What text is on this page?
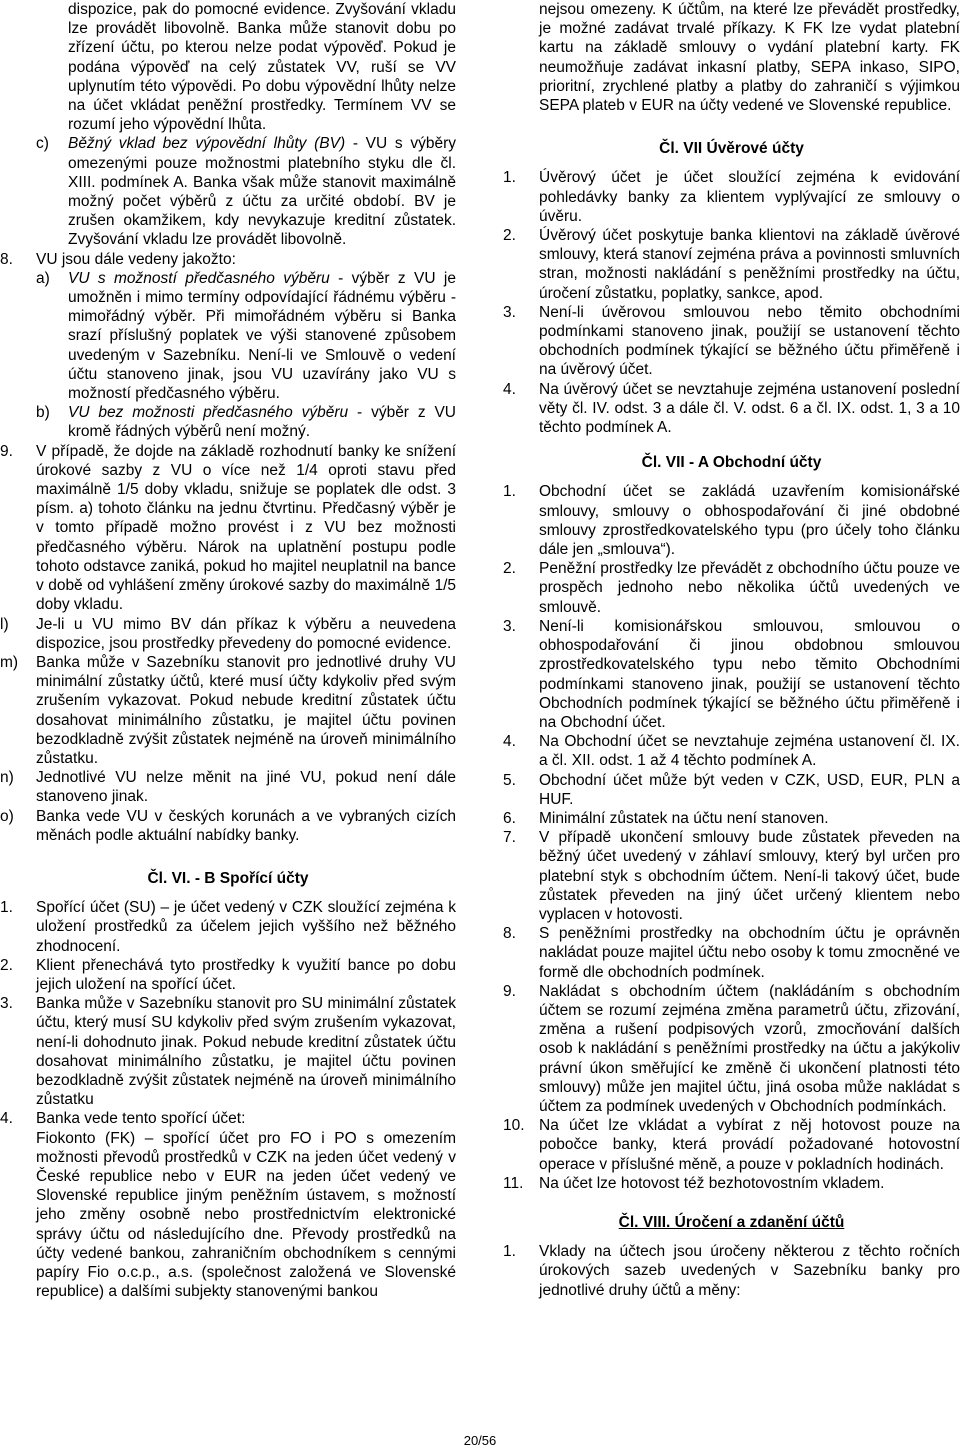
dispozice, pak do pomocné evidence. Zvyšování vkladu lze provádět libovolně. Banka může stanovit dobu po zřízení účtu, po kterou nelze podat výpověď. Pokud je podána výpověď na celý zůstatek VV, ruší se VV uplynutím této výpovědi. Po dobu výpovědní lhůty nelze na účet vkládat peněžní prostředky. Termínem VV se rozumí jeho výpovědní lhůta.

c) Běžný vklad bez výpovědní lhůty (BV) - VU s výběry omezenými pouze možnostmi platebního styku dle čl. XIII. podmínek A. Banka však může stanovit maximálně možný počet výběrů z účtu za určité období. BV je zrušen okamžikem, kdy nevykazuje kreditní zůstatek. Zvyšování vkladu lze provádět libovolně.
8. VU jsou dále vedeny jakožto:
a) VU s možností předčasného výběru - výběr z VU je umožněn i mimo termíny odpovídající řádnému výběru - mimořádný výběr. Při mimořádném výběru si Banka srazí příslušný poplatek ve výši stanovené způsobem uvedeným v Sazebníku. Není-li ve Smlouvě o vedení účtu stanoveno jinak, jsou VU uzavírány jako VU s možností předčasného výběru.
b) VU bez možnosti předčasného výběru - výběr z VU kromě řádných výběrů není možný.
9. V případě, že dojde na základě rozhodnutí banky ke snížení úrokové sazby z VU o více než 1/4 oproti stavu před maximálně 1/5 doby vkladu, snižuje se poplatek dle odst. 3 písm. a) tohoto článku na jednu čtvrtinu. Předčasný výběr je v tomto případě možno provést i z VU bez možnosti předčasného výběru. Nárok na uplatnění postupu podle tohoto odstavce zaniká, pokud ho majitel neuplatnil na bance v době od vyhlášení změny úrokové sazby do maximálně 1/5 doby vkladu.
l) Je-li u VU mimo BV dán příkaz k výběru a neuvedena dispozice, jsou prostředky převedeny do pomocné evidence.
m) Banka může v Sazebníku stanovit pro jednotlivé druhy VU minimální zůstatky účtů, které musí účty kdykoliv před svým zrušením vykazovat. Pokud nebude kreditní zůstatek účtu dosahovat minimálního zůstatku, je majitel účtu povinen bezodkladně zvýšit zůstatek nejméně na úroveň minimálního zůstatku.
n) Jednotlivé VU nelze měnit na jiné VU, pokud není dále stanoveno jinak.
o) Banka vede VU v českých korunách a ve vybraných cizích měnách podle aktuální nabídky banky.

Čl. VI. - B Spořící účty

1. Spořící účet (SU) – je účet vedený v CZK sloužící zejména k uložení prostředků za účelem jejich vyššího než běžného zhodnocení.
2. Klient přenechává tyto prostředky k využití bance po dobu jejich uložení na spořící účet.
3. Banka může v Sazebníku stanovit pro SU minimální zůstatek účtu, který musí SU kdykoliv před svým zrušením vykazovat, není-li dohodnuto jinak. Pokud nebude kreditní zůstatek účtu dosahovat minimálního zůstatku, je majitel účtu povinen bezodkladně zvýšit zůstatek nejméně na úroveň minimálního zůstatku
4. Banka vede tento spořící účet:

Fiokonto (FK) – spořící účet pro FO i PO s omezením možnosti převodů prostředků v CZK na jeden účet vedený v České republice nebo v EUR na jeden účet vedený ve Slovenské republice jiným peněžním ústavem, s možností jeho změny osobně nebo prostřednictvím elektronické správy účtu od následujícího dne. Převody prostředků na účty vedené bankou, zahraničním obchodníkem s cennými papíry Fio o.c.p., a.s. (společnost založená ve Slovenské republice) a dalšími subjekty stanovenými bankou

nejsou omezeny. K účtům, na které lze převádět prostředky, je možné zadávat trvalé příkazy. K FK lze vydat platební kartu na základě smlouvy o vydání platební karty. FK neumožňuje zadávat inkasní platby, SEPA inkaso, SIPO, prioritní, zrychlené platby a platby do zahraničí s výjimkou SEPA plateb v EUR na účty vedené ve Slovenské republice.

Čl. VII Úvěrové účty

1. Úvěrový účet je účet sloužící zejména k evidování pohledávky banky za klientem vyplývající ze smlouvy o úvěru.
2. Úvěrový účet poskytuje banka klientovi na základě úvěrové smlouvy, která stanoví zejména práva a povinnosti smluvních stran, možnosti nakládání s peněžními prostředky na účtu, úročení zůstatku, poplatky, sankce, apod.
3. Není-li úvěrovou smlouvou nebo těmito obchodními podmínkami stanoveno jinak, použijí se ustanovení těchto obchodních podmínek týkající se běžného účtu přiměřeně i na úvěrový účet.
4. Na úvěrový účet se nevztahuje zejména ustanovení poslední věty čl. IV. odst. 3 a dále čl. V. odst. 6 a čl. IX. odst. 1, 3 a 10 těchto podmínek A.

Čl. VII - A Obchodní účty

1. Obchodní účet se zakládá uzavřením komisionářské smlouvy, smlouvy o obhospodařování či jiné obdobné smlouvy zprostředkovatelského typu (pro účely toho článku dále jen „smlouva“).
2. Peněžní prostředky lze převádět z obchodního účtu pouze ve prospěch jednoho nebo několika účtů uvedených ve smlouvě.
3. Není-li komisionářskou smlouvou, smlouvou o obhospodařování či jinou obdobnou smlouvou zprostředkovatelského typu nebo těmito Obchodními podmínkami stanoveno jinak, použijí se ustanovení těchto Obchodních podmínek týkající se běžného účtu přiměřeně i na Obchodní účet.
4. Na Obchodní účet se nevztahuje zejména ustanovení čl. IX. a čl. XII. odst. 1 až 4 těchto podmínek A.
5. Obchodní účet může být veden v CZK, USD, EUR, PLN a HUF.
6. Minimální zůstatek na účtu není stanoven.
7. V případě ukončení smlouvy bude zůstatek převeden na běžný účet uvedený v záhlaví smlouvy, který byl určen pro platební styk s obchodním účtem. Není-li takový účet, bude zůstatek převeden na jiný účet určený klientem nebo vyplacen v hotovosti.
8. S peněžními prostředky na obchodním účtu je oprávněn nakládat pouze majitel účtu nebo osoby k tomu zmocněné ve formě dle obchodních podmínek.
9. Nakládat s obchodním účtem (nakládáním s obchodním účtem se rozumí zejména změna parametrů účtu, zřizování, změna a rušení podpisových vzorů, zmocňování dalších osob k nakládání s peněžními prostředky na účtu a jakýkoliv právní úkon směřující ke změně či ukončení platnosti této smlouvy) může jen majitel účtu, jiná osoba může nakládat s účtem za podmínek uvedených v Obchodních podmínkách.
10. Na účet lze vkládat a vybírat z něj hotovost pouze na pobočce banky, která provádí požadované hotovostní operace v příslušné měně, a pouze v pokladních hodinách.
11. Na účet lze hotovost též bezhotovostním vkladem.

Čl. VIII. Úročení a zdanění účtů

1. Vklady na účtech jsou úročeny některou z těchto ročních úrokových sazeb uvedených v Sazebníku banky pro jednotlivé druhy účtů a měny:
20/56
